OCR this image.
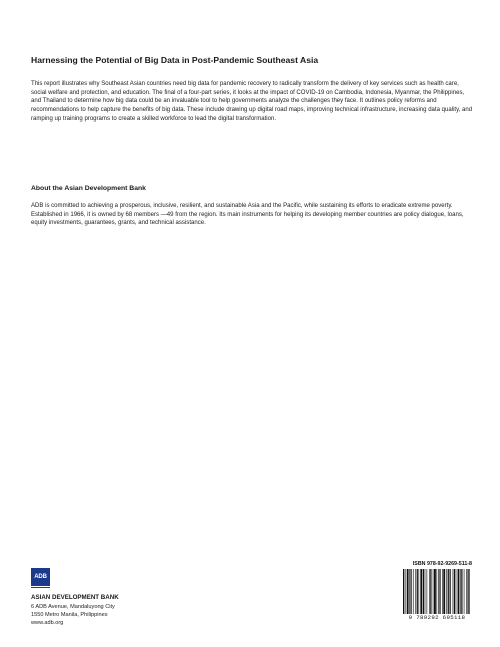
Harnessing the Potential of Big Data in Post-Pandemic Southeast Asia

This report illustrates why Southeast Asian countries need big data for pandemic recovery to radically transform the delivery of key services such as health care, social welfare and protection, and education. The final of a four-part series, it looks at the impact of COVID-19 on Cambodia, Indonesia, Myanmar, the Philippines, and Thailand to determine how big data could be an invaluable tool to help governments analyze the challenges they face. It outlines policy reforms and recommendations to help capture the benefits of big data. These include drawing up digital road maps, improving technical infrastructure, increasing data quality, and ramping up training programs to create a skilled workforce to lead the digital transformation.

About the Asian Development Bank

ADB is committed to achieving a prosperous, inclusive, resilient, and sustainable Asia and the Pacific, while sustaining its efforts to eradicate extreme poverty. Established in 1966, it is owned by 68 members —49 from the region. Its main instruments for helping its developing member countries are policy dialogue, loans, equity investments, guarantees, grants, and technical assistance.

ADB
ASIAN DEVELOPMENT BANK
6 ADB Avenue, Mandaluyong City
1550 Metro Manila, Philippines
www.adb.org
ISBN 978-92-9269-511-8
9 789292 695118
